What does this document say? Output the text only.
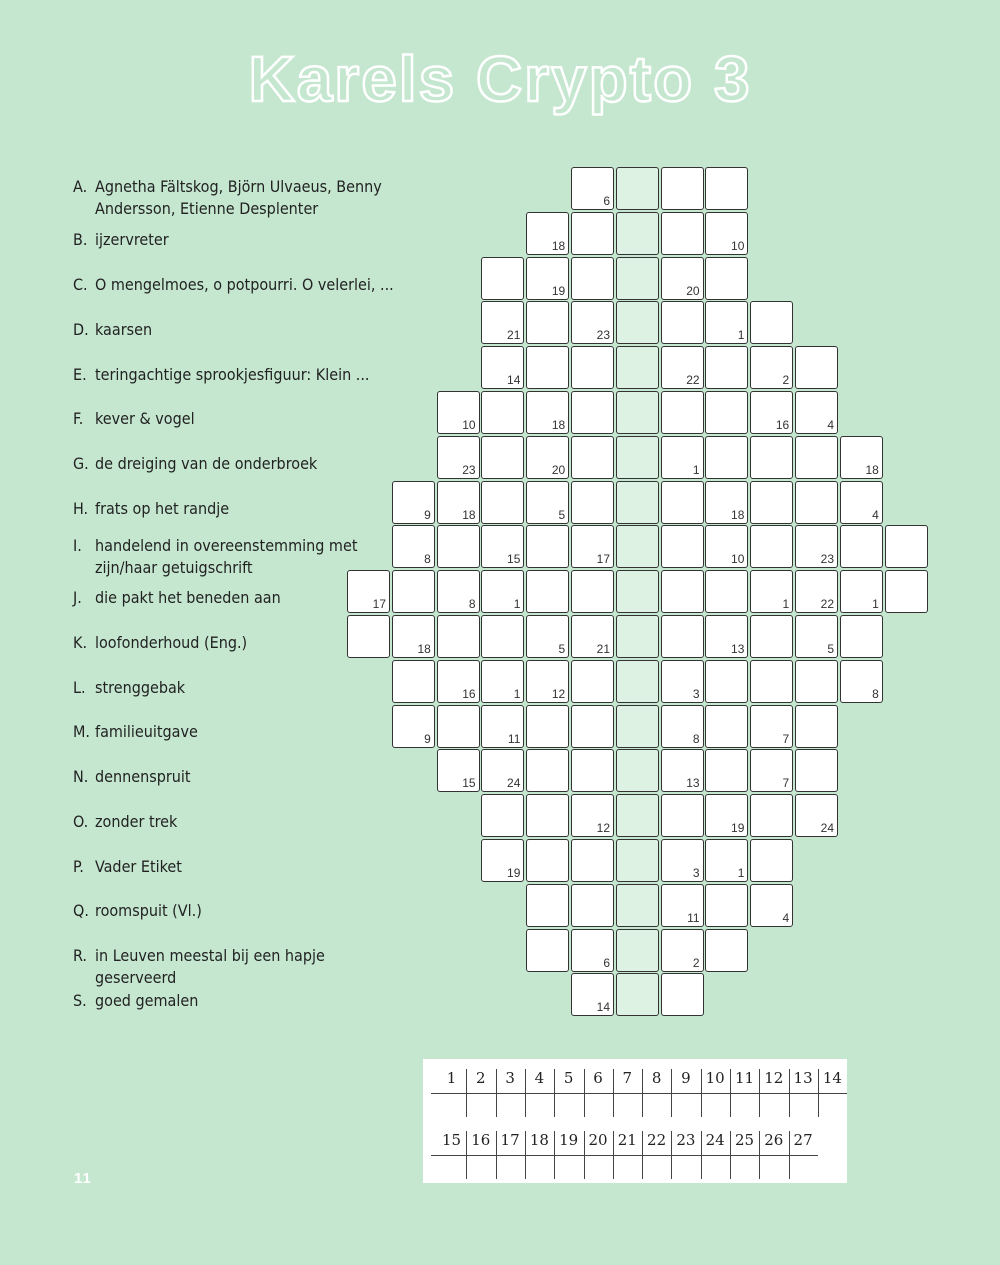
Karels Crypto 3
A. Agnetha Fältskog, Björn Ulvaeus, Benny Andersson, Etienne Desplenter
B. ijzervreter
C. O mengelmoes, o potpourri. O velerlei, ...
D. kaarsen
E. teringachtige sprookjesfiguur: Klein ...
F. kever & vogel
G. de dreiging van de onderbroek
H. frats op het randje
I. handelend in overeenstemming met zijn/haar getuigschrift
J. die pakt het beneden aan
K. loofonderhoud (Eng.)
L. strenggebak
M. familieuitgave
N. dennenspruit
O. zonder trek
P. Vader Etiket
Q. roomspuit (Vl.)
R. in Leuven meestal bij een hapje geserveerd
S. goed gemalen
6
18	10
19	20
21	23	1
14	22	2
10	18	16	4
23	20	1	18
9	18	5	18	4
8	15	17	10	23
17	8	1	1	22	1
18	5	21	13	5
16	1	12	3	8
9	11	8	7
15	24	13	7
12	19	24
19	3	1
11	4
6	2
14
1	2	3	4	5	6	7	8	9 10 11 12 13 14
15 16 17 18 19 20 21 22 23 24 25 26 27
11
